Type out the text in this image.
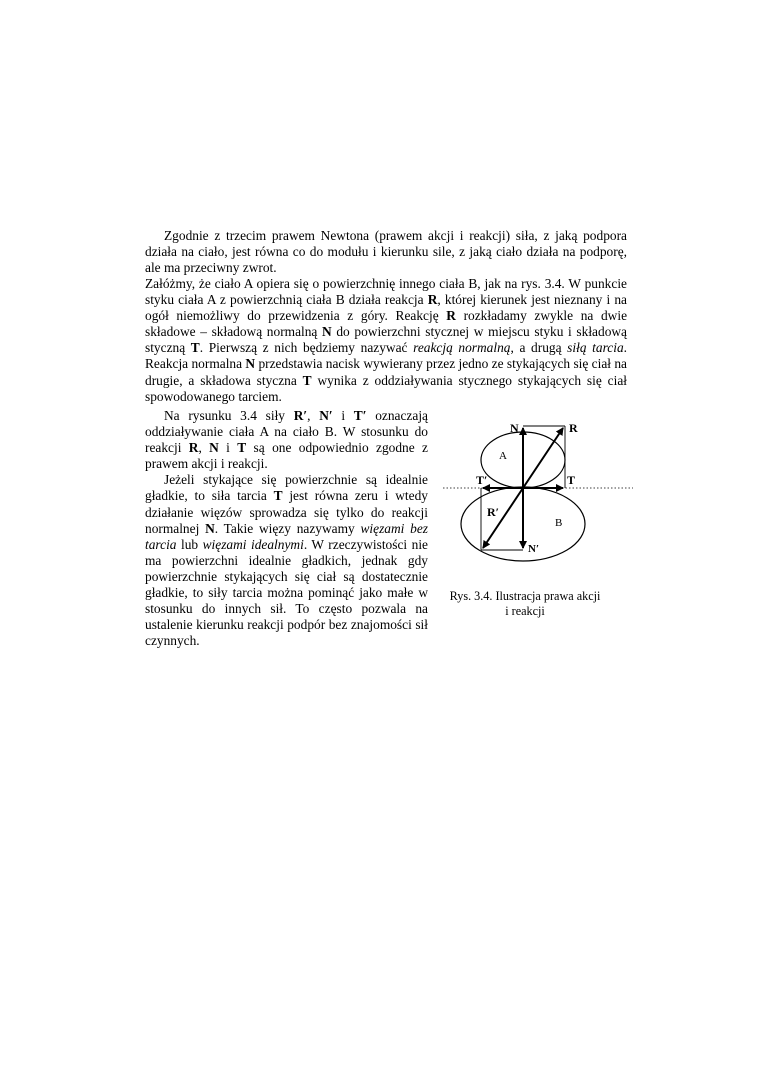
Zgodnie z trzecim prawem Newtona (prawem akcji i reakcji) siła, z jaką podpora działa na ciało, jest równa co do modułu i kierunku sile, z jaką ciało działa na podporę, ale ma przeciwny zwrot.

Załóżmy, że ciało A opiera się o powierzchnię innego ciała B, jak na rys. 3.4. W punkcie styku ciała A z powierzchnią ciała B działa reakcja R, której kierunek jest nieznany i na ogół niemożliwy do przewidzenia z góry. Reakcję R rozkładamy zwykle na dwie składowe – składową normalną N do powierzchni stycznej w miejscu styku i składową styczną T. Pierwszą z nich będziemy nazywać reakcją normalną, a drugą siłą tarcia. Reakcja normalna N przedstawia nacisk wywierany przez jedno ze stykających się ciał na drugie, a składowa styczna T wynika z oddziaływania stycznego stykających się ciał spowodowanego tarciem.

Na rysunku 3.4 siły R′, N′ i T′ oznaczają oddziaływanie ciała A na ciało B. W stosunku do reakcji R, N i T są one odpowiednio zgodne z prawem akcji i reakcji.

Jeżeli stykające się powierzchnie są idealnie gładkie, to siła tarcia T jest równa zeru i wtedy działanie więzów sprowadza się tylko do reakcji normalnej N. Takie więzy nazywamy więzami bez tarcia lub więzami idealnymi. W rzeczywistości nie ma powierzchni idealnie gładkich, jednak gdy powierzchnie stykających się ciał są dostatecznie gładkie, to siły tarcia można pominąć jako małe w stosunku do innych sił. To często pozwala na ustalenie kierunku reakcji podpór bez znajomości sił czynnych.

N	R
A
T
T′
R′
B
N′
Rys. 3.4. Ilustracja prawa akcji
i reakcji
